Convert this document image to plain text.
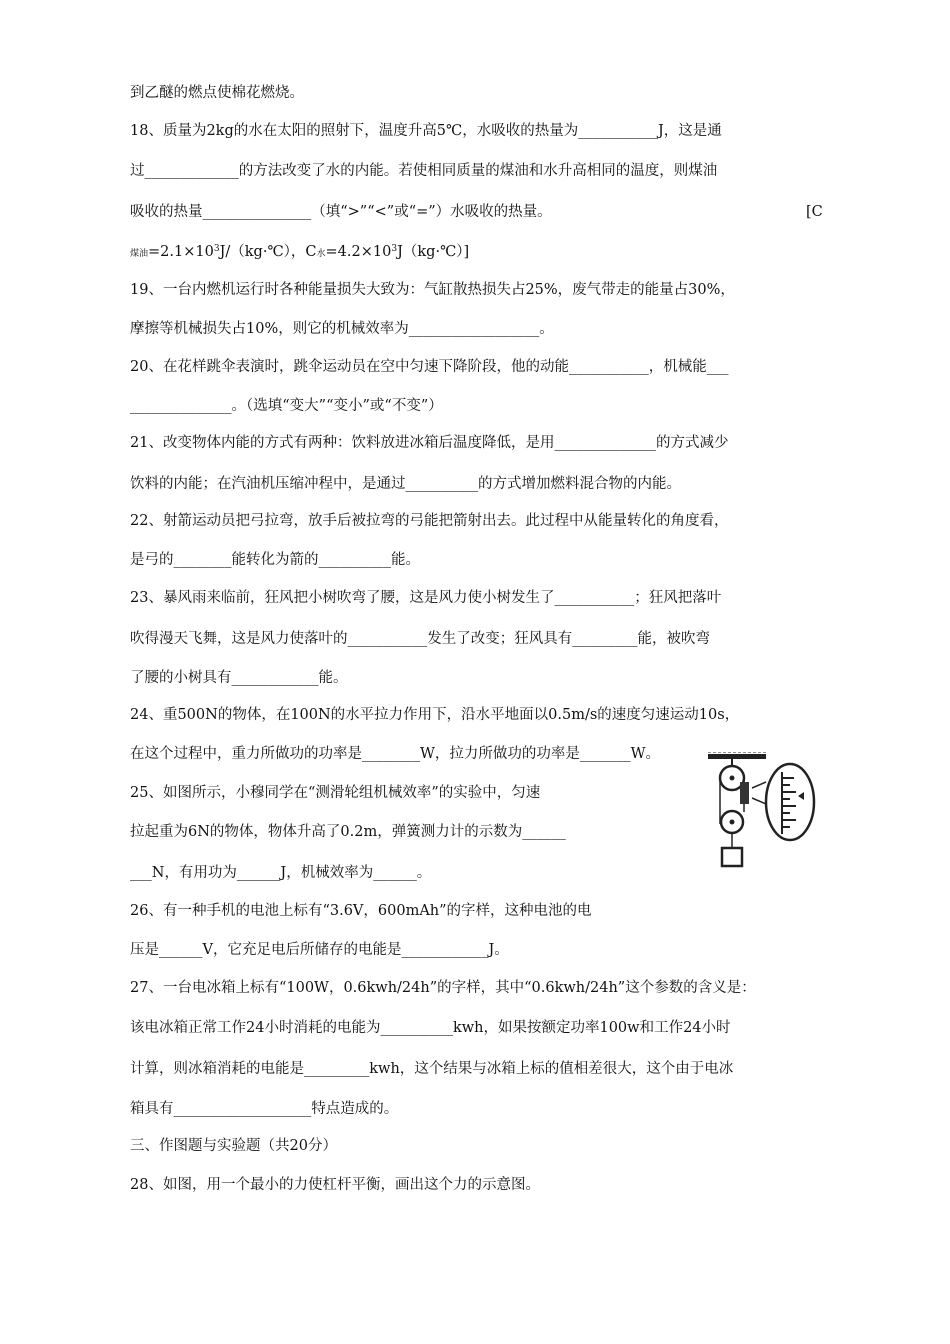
到乙醚的燃点使棉花燃烧。
18、质量为2kg的水在太阳的照射下，温度升高5℃，水吸收的热量为___________J，这是通
过_____________的方法改变了水的内能。若使相同质量的煤油和水升高相同的温度，则煤油
吸收的热量_______________（填“>”“<”或“=”）水吸收的热量。	[C
煤油$=2.1\times 10^3J/(kg\cdot℃)$，C水$=4.2\times 10^3J(kg\cdot℃)$]
19、一台内燃机运行时各种能量损失大致为：气缸散热损失占25%，废气带走的能量占30%，
摩擦等机械损失占10%，则它的机械效率为__________________。
20、在花样跳伞表演时，跳伞运动员在空中匀速下降阶段，他的动能___________，机械能___
______________。（选填“变大”“变小”或“不变”）
21、改变物体内能的方式有两种：饮料放进冰箱后温度降低，是用______________的方式减少
饮料的内能；在汽油机压缩冲程中，是通过__________的方式增加燃料混合物的内能。
22、射箭运动员把弓拉弯，放手后被拉弯的弓能把箭射出去。此过程中从能量转化的角度看，
是弓的________能转化为箭的__________能。
23、暴风雨来临前，狂风把小树吹弯了腰，这是风力使小树发生了___________；狂风把落叶
吹得漫天飞舞，这是风力使落叶的___________发生了改变；狂风具有_________能，被吹弯
了腰的小树具有____________能。
24、重500N的物体，在100N的水平拉力作用下，沿水平地面以0.5m/s的速度匀速运动10s，
在这个过程中，重力所做功的功率是________W，拉力所做功的功率是_______W。
25、如图所示，小穆同学在“测滑轮组机械效率”的实验中，匀速
拉起重为6N的物体，物体升高了0.2m，弹簧测力计的示数为______
___N，有用功为______J，机械效率为______。
26、有一种手机的电池上标有“3.6V，600mAh”的字样，这种电池的电
压是______V，它充足电后所储存的电能是____________J。
27、一台电冰箱上标有“100W，0.6kwh/24h”的字样，其中“0.6kwh/24h”这个参数的含义是：
该电冰箱正常工作24小时消耗的电能为__________kwh，如果按额定功率100w和工作24小时
计算，则冰箱消耗的电能是_________kwh，这个结果与冰箱上标的值相差很大，这个由于电冰
箱具有___________________特点造成的。
三、作图题与实验题（共20分）
28、如图，用一个最小的力使杠杆平衡，画出这个力的示意图。
